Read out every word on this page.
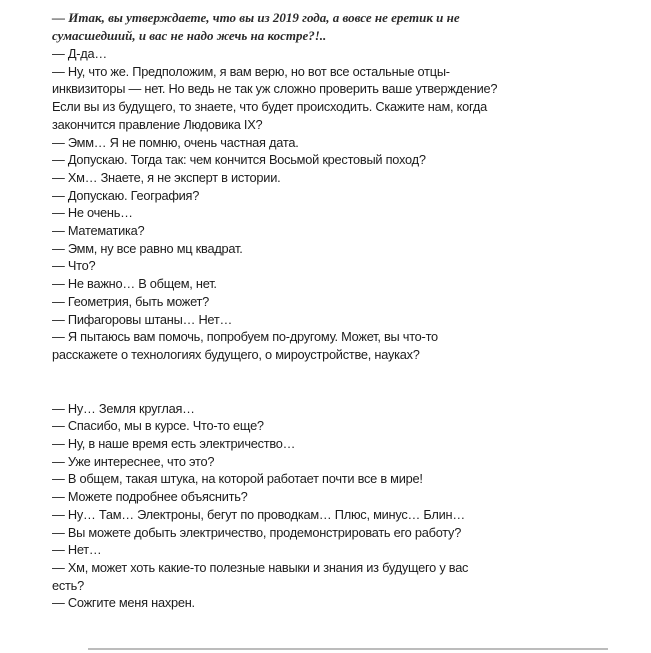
— Итак, вы утверждаете, что вы из 2019 года, а вовсе не еретик и не
сумасшедший, и вас не надо жечь на костре?!..
— Д-да…
— Ну, что же. Предположим, я вам верю, но вот все остальные отцы-
инквизиторы — нет. Но ведь не так уж сложно проверить ваше утверждение?
Если вы из будущего, то знаете, что будет происходить. Скажите нам, когда
закончится правление Людовика IX?
— Эмм… Я не помню, очень частная дата.
— Допускаю. Тогда так: чем кончится Восьмой крестовый поход?
— Хм… Знаете, я не эксперт в истории.
— Допускаю. География?
— Не очень…
— Математика?
— Эмм, ну все равно мц квадрат.
— Что?
— Не важно… В общем, нет.
— Геометрия, быть может?
— Пифагоровы штаны… Нет…
— Я пытаюсь вам помочь, попробуем по-другому. Может, вы что-то
расскажете о технологиях будущего, о мироустройстве, науках?
— Ну… Земля круглая…
— Спасибо, мы в курсе. Что-то еще?
— Ну, в наше время есть электричество…
— Уже интереснее, что это?
— В общем, такая штука, на которой работает почти все в мире!
— Можете подробнее объяснить?
— Ну… Там… Электроны, бегут по проводкам… Плюс, минус… Блин…
— Вы можете добыть электричество, продемонстрировать его работу?
— Нет…
— Хм, может хоть какие-то полезные навыки и знания из будущего у вас
есть?
— Сожгите меня нахрен.
